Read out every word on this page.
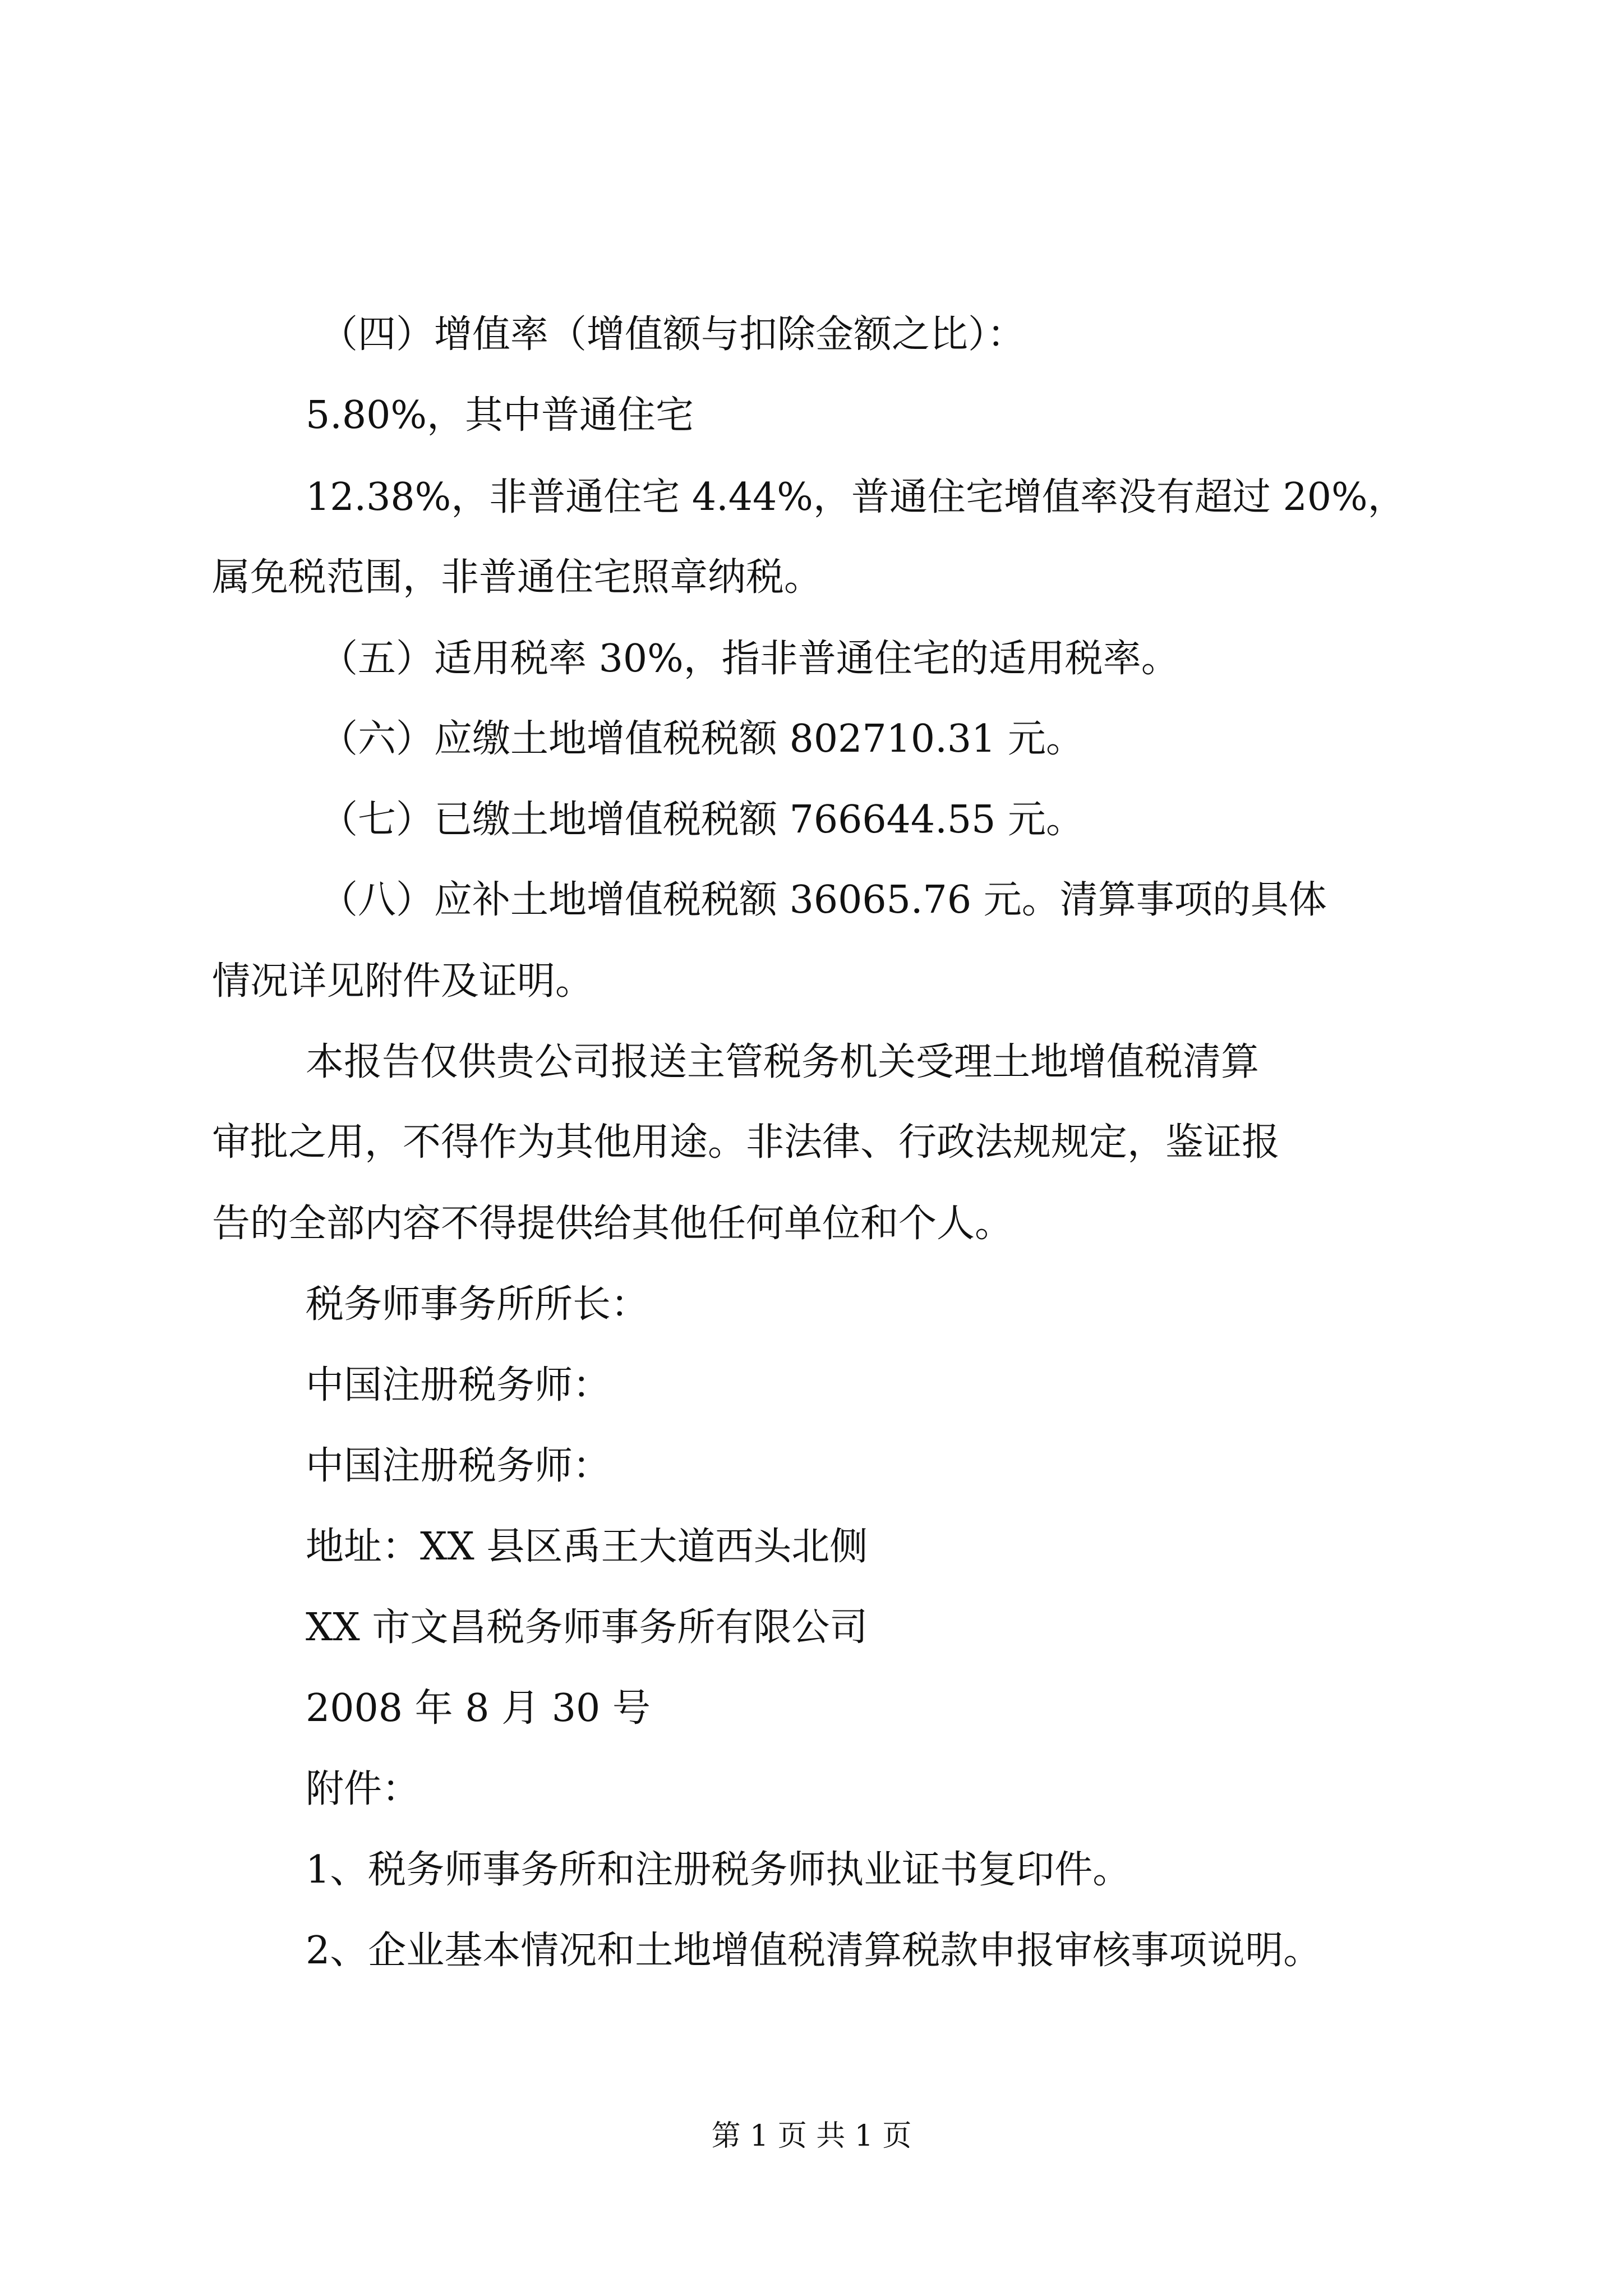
（四）增值率（增值额与扣除金额之比）：
5.80%，其中普通住宅
12.38%，非普通住宅 4.44%，普通住宅增值率没有超过 20%，
属免税范围，非普通住宅照章纳税。
（五）适用税率 30%，指非普通住宅的适用税率。
（六）应缴土地增值税税额 802710.31 元。
（七）已缴土地增值税税额 766644.55 元。
（八）应补土地增值税税额 36065.76 元。清算事项的具体
情况详见附件及证明。
本报告仅供贵公司报送主管税务机关受理土地增值税清算
审批之用，不得作为其他用途。非法律、行政法规规定，鉴证报
告的全部内容不得提供给其他任何单位和个人。
税务师事务所所长：
中国注册税务师：
中国注册税务师：
地址：XX 县区禹王大道西头北侧
XX 市文昌税务师事务所有限公司
2008 年 8 月 30 号
附件：
1、税务师事务所和注册税务师执业证书复印件。
2、企业基本情况和土地增值税清算税款申报审核事项说明。
第 1 页 共 1 页
